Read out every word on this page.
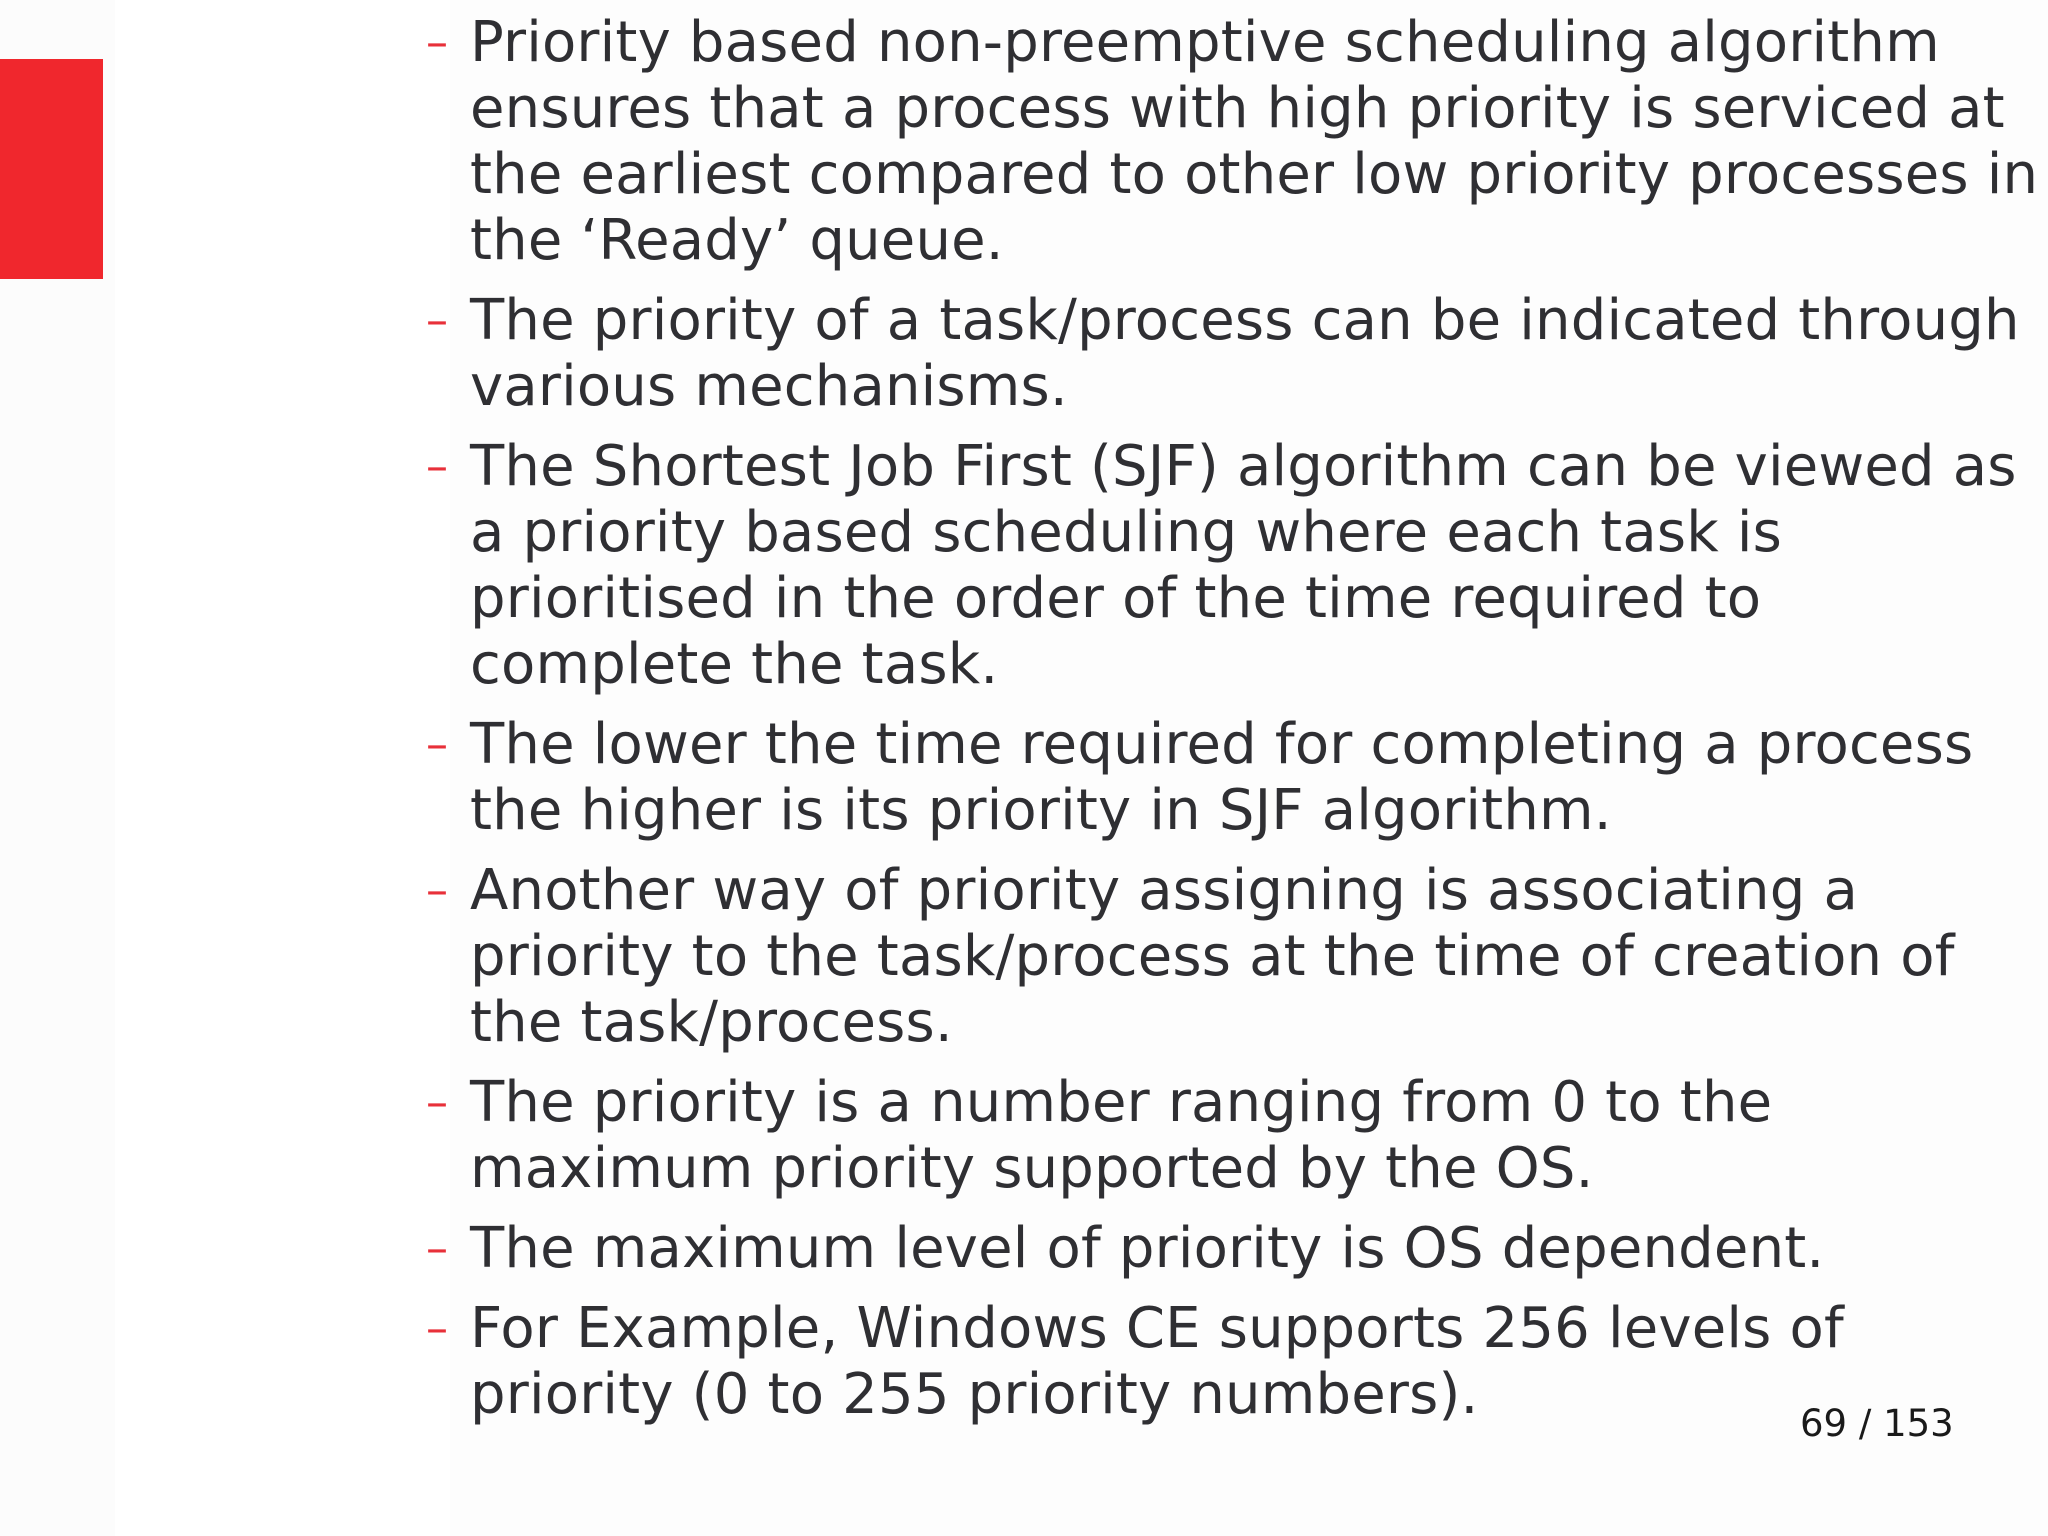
– Priority based non-preemptive scheduling algorithm ensures that a process with high priority is serviced at the earliest compared to other low priority processes in the ‘Ready’ queue.
– The priority of a task/process can be indicated through various mechanisms.
– The Shortest Job First (SJF) algorithm can be viewed as a priority based scheduling where each task is prioritised in the order of the time required to complete the task.
– The lower the time required for completing a process the higher is its priority in SJF algorithm.
– Another way of priority assigning is associating a priority to the task/process at the time of creation of the task/process.
– The priority is a number ranging from 0 to the maximum priority supported by the OS.
– The maximum level of priority is OS dependent.
– For Example, Windows CE supports 256 levels of priority (0 to 255 priority numbers).	69 / 153
